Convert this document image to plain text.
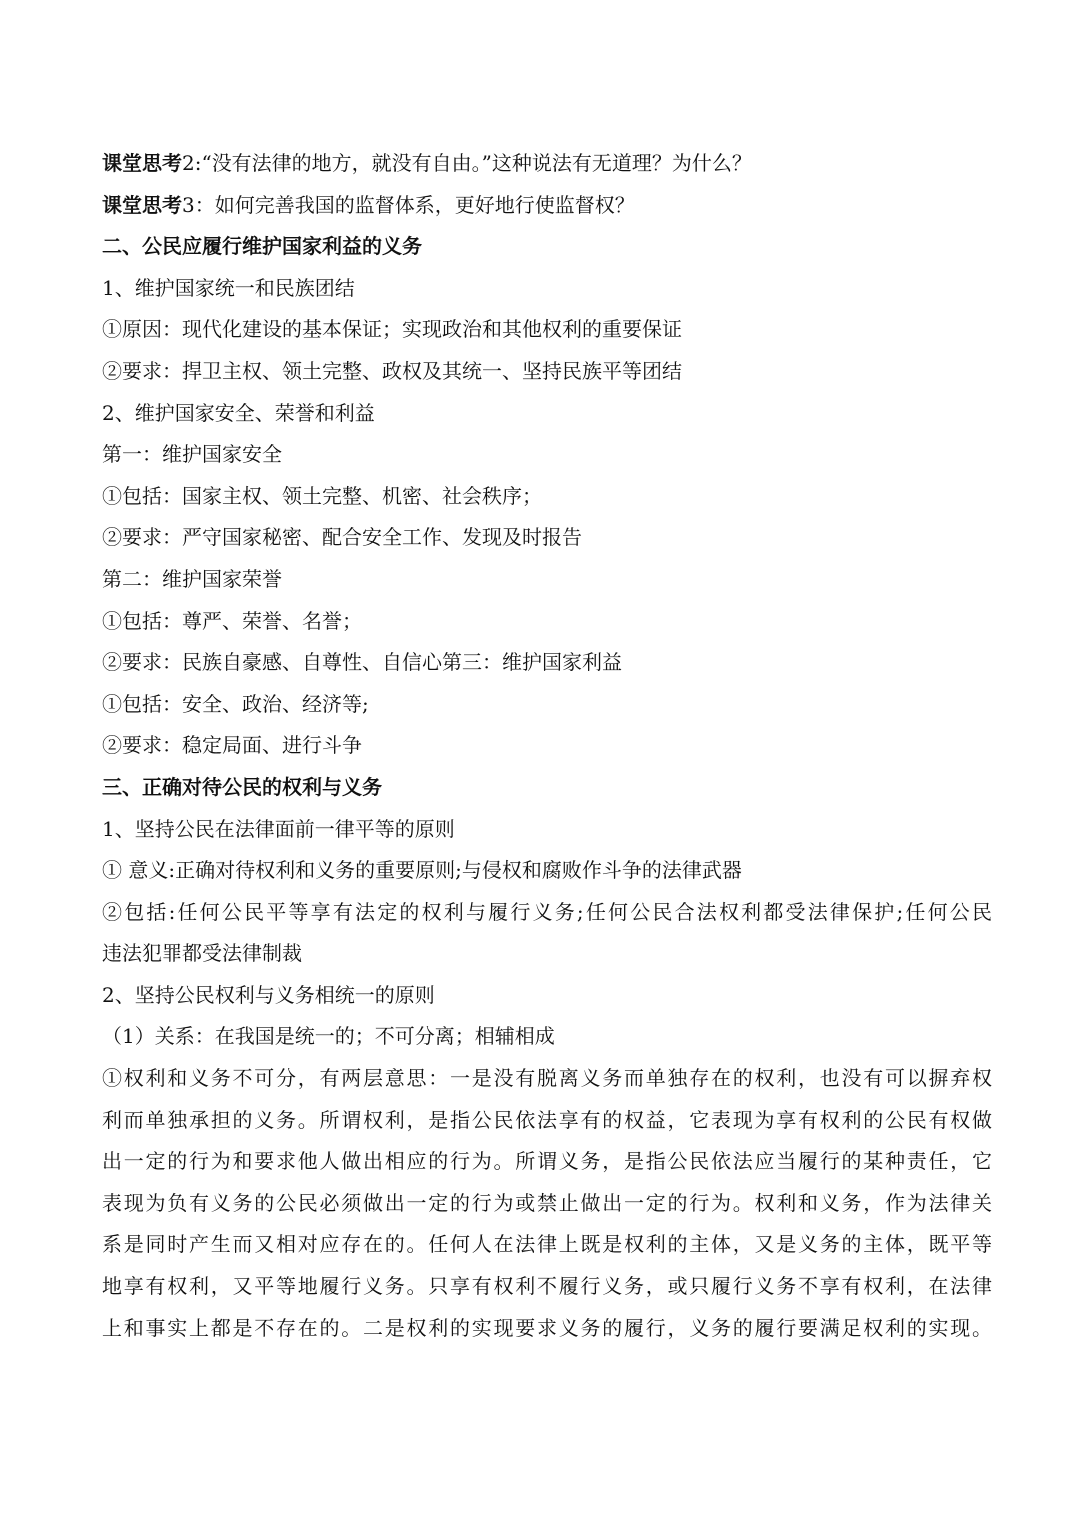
课堂思考2:“没有法律的地方，就没有自由。”这种说法有无道理？为什么？
课堂思考3：如何完善我国的监督体系，更好地行使监督权？
二、公民应履行维护国家利益的义务
1、维护国家统一和民族团结
①原因：现代化建设的基本保证；实现政治和其他权利的重要保证
②要求：捍卫主权、领土完整、政权及其统一、坚持民族平等团结
2、维护国家安全、荣誉和利益
第一：维护国家安全
①包括：国家主权、领土完整、机密、社会秩序；
②要求：严守国家秘密、配合安全工作、发现及时报告
第二：维护国家荣誉
①包括：尊严、荣誉、名誉；
②要求：民族自豪感、自尊性、自信心第三：维护国家利益
①包括：安全、政治、经济等;
②要求：稳定局面、进行斗争
三、正确对待公民的权利与义务
1、坚持公民在法律面前一律平等的原则
① 意义:正确对待权利和义务的重要原则;与侵权和腐败作斗争的法律武器
②包括:任何公民平等享有法定的权利与履行义务;任何公民合法权利都受法律保护;任何公民
违法犯罪都受法律制裁
2、坚持公民权利与义务相统一的原则
（1）关系：在我国是统一的；不可分离；相辅相成
①权利和义务不可分，有两层意思：一是没有脱离义务而单独存在的权利，也没有可以摒弃权
利而单独承担的义务。所谓权利，是指公民依法享有的权益，它表现为享有权利的公民有权做
出一定的行为和要求他人做出相应的行为。所谓义务，是指公民依法应当履行的某种责任，它
表现为负有义务的公民必须做出一定的行为或禁止做出一定的行为。权利和义务，作为法律关
系是同时产生而又相对应存在的。任何人在法律上既是权利的主体，又是义务的主体，既平等
地享有权利，又平等地履行义务。只享有权利不履行义务，或只履行义务不享有权利，在法律
上和事实上都是不存在的。二是权利的实现要求义务的履行，义务的履行要满足权利的实现。
